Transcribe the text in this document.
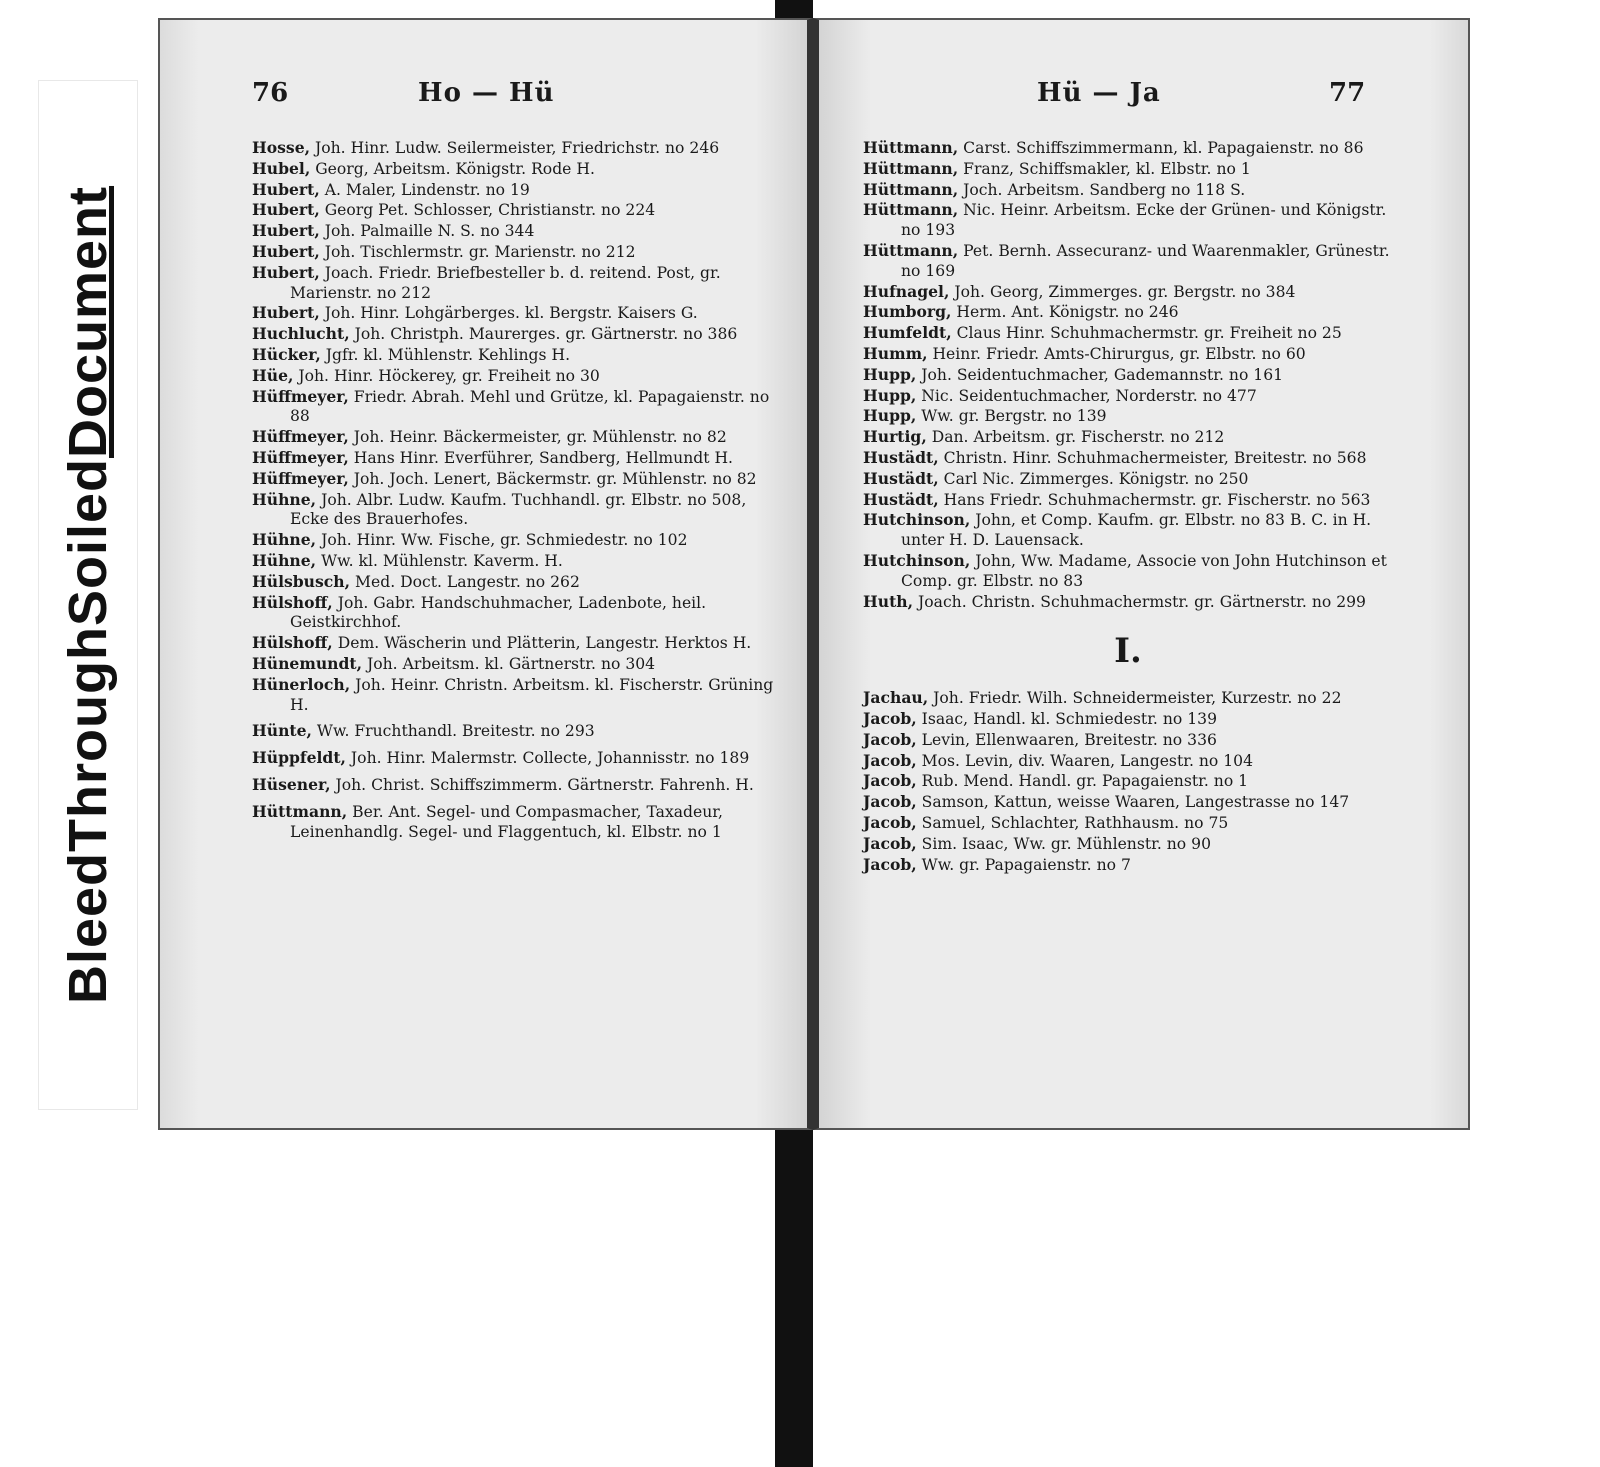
Bleed
Through
Soiled
Document
76	Ho — Hü

Hosse, Joh. Hinr. Ludw. Seilermeister, Friedrichstr. no 246

Hubel, Georg, Arbeitsm. Königstr. Rode H.

Hubert, A. Maler, Lindenstr. no 19

Hubert, Georg Pet. Schlosser, Christianstr. no 224

Hubert, Joh. Palmaille N. S. no 344

Hubert, Joh. Tischlermstr. gr. Marienstr. no 212

Hubert, Joach. Friedr. Briefbesteller b. d. reitend. Post, gr. Marienstr. no 212

Hubert, Joh. Hinr. Lohgärberges. kl. Bergstr. Kaisers G.

Huchlucht, Joh. Christph. Maurerges. gr. Gärtnerstr. no 386

Hücker, Jgfr. kl. Mühlenstr. Kehlings H.

Hüe, Joh. Hinr. Höckerey, gr. Freiheit no 30

Hüffmeyer, Friedr. Abrah. Mehl und Grütze, kl. Papagaienstr. no 88

Hüffmeyer, Joh. Heinr. Bäckermeister, gr. Mühlenstr. no 82

Hüffmeyer, Hans Hinr. Everführer, Sandberg, Hellmundt H.

Hüffmeyer, Joh. Joch. Lenert, Bäckermstr. gr. Mühlenstr. no 82

Hühne, Joh. Albr. Ludw. Kaufm. Tuchhandl. gr. Elbstr. no 508, Ecke des Brauerhofes.

Hühne, Joh. Hinr. Ww. Fische, gr. Schmiedestr. no 102

Hühne, Ww. kl. Mühlenstr. Kaverm. H.

Hülsbusch, Med. Doct. Langestr. no 262

Hülshoff, Joh. Gabr. Handschuhmacher, Ladenbote, heil. Geistkirchhof.

Hülshoff, Dem. Wäscherin und Plätterin, Langestr. Herktos H.

Hünemundt, Joh. Arbeitsm. kl. Gärtnerstr. no 304

Hünerloch, Joh. Heinr. Christn. Arbeitsm. kl. Fischerstr. Grüning H.

Hünte, Ww. Fruchthandl. Breitestr. no 293

Hüppfeldt, Joh. Hinr. Malermstr. Collecte, Johannisstr. no 189

Hüsener, Joh. Christ. Schiffszimmerm. Gärtnerstr. Fahrenh. H.

Hüttmann, Ber. Ant. Segel- und Compasmacher, Taxadeur, Leinenhandlg. Segel- und Flaggentuch, kl. Elbstr. no 1

Hü — Ja	77

Hüttmann, Carst. Schiffszimmermann, kl. Papagaienstr. no 86

Hüttmann, Franz, Schiffsmakler, kl. Elbstr. no 1

Hüttmann, Joch. Arbeitsm. Sandberg no 118 S.

Hüttmann, Nic. Heinr. Arbeitsm. Ecke der Grünen- und Königstr. no 193

Hüttmann, Pet. Bernh. Assecuranz- und Waarenmakler, Grünestr. no 169

Hufnagel, Joh. Georg, Zimmerges. gr. Bergstr. no 384

Humborg, Herm. Ant. Königstr. no 246

Humfeldt, Claus Hinr. Schuhmachermstr. gr. Freiheit no 25

Humm, Heinr. Friedr. Amts-Chirurgus, gr. Elbstr. no 60

Hupp, Joh. Seidentuchmacher, Gademannstr. no 161

Hupp, Nic. Seidentuchmacher, Norderstr. no 477

Hupp, Ww. gr. Bergstr. no 139

Hurtig, Dan. Arbeitsm. gr. Fischerstr. no 212

Hustädt, Christn. Hinr. Schuhmachermeister, Breitestr. no 568

Hustädt, Carl Nic. Zimmerges. Königstr. no 250

Hustädt, Hans Friedr. Schuhmachermstr. gr. Fischerstr. no 563

Hutchinson, John, et Comp. Kaufm. gr. Elbstr. no 83 B. C. in H. unter H. D. Lauensack.

Hutchinson, John, Ww. Madame, Associe von John Hutchinson et Comp. gr. Elbstr. no 83

Huth, Joach. Christn. Schuhmachermstr. gr. Gärtnerstr. no 299

I.

Jachau, Joh. Friedr. Wilh. Schneidermeister, Kurzestr. no 22

Jacob, Isaac, Handl. kl. Schmiedestr. no 139

Jacob, Levin, Ellenwaaren, Breitestr. no 336

Jacob, Mos. Levin, div. Waaren, Langestr. no 104

Jacob, Rub. Mend. Handl. gr. Papagaienstr. no 1

Jacob, Samson, Kattun, weisse Waaren, Langestrasse no 147

Jacob, Samuel, Schlachter, Rathhausm. no 75

Jacob, Sim. Isaac, Ww. gr. Mühlenstr. no 90

Jacob, Ww. gr. Papagaienstr. no 7
